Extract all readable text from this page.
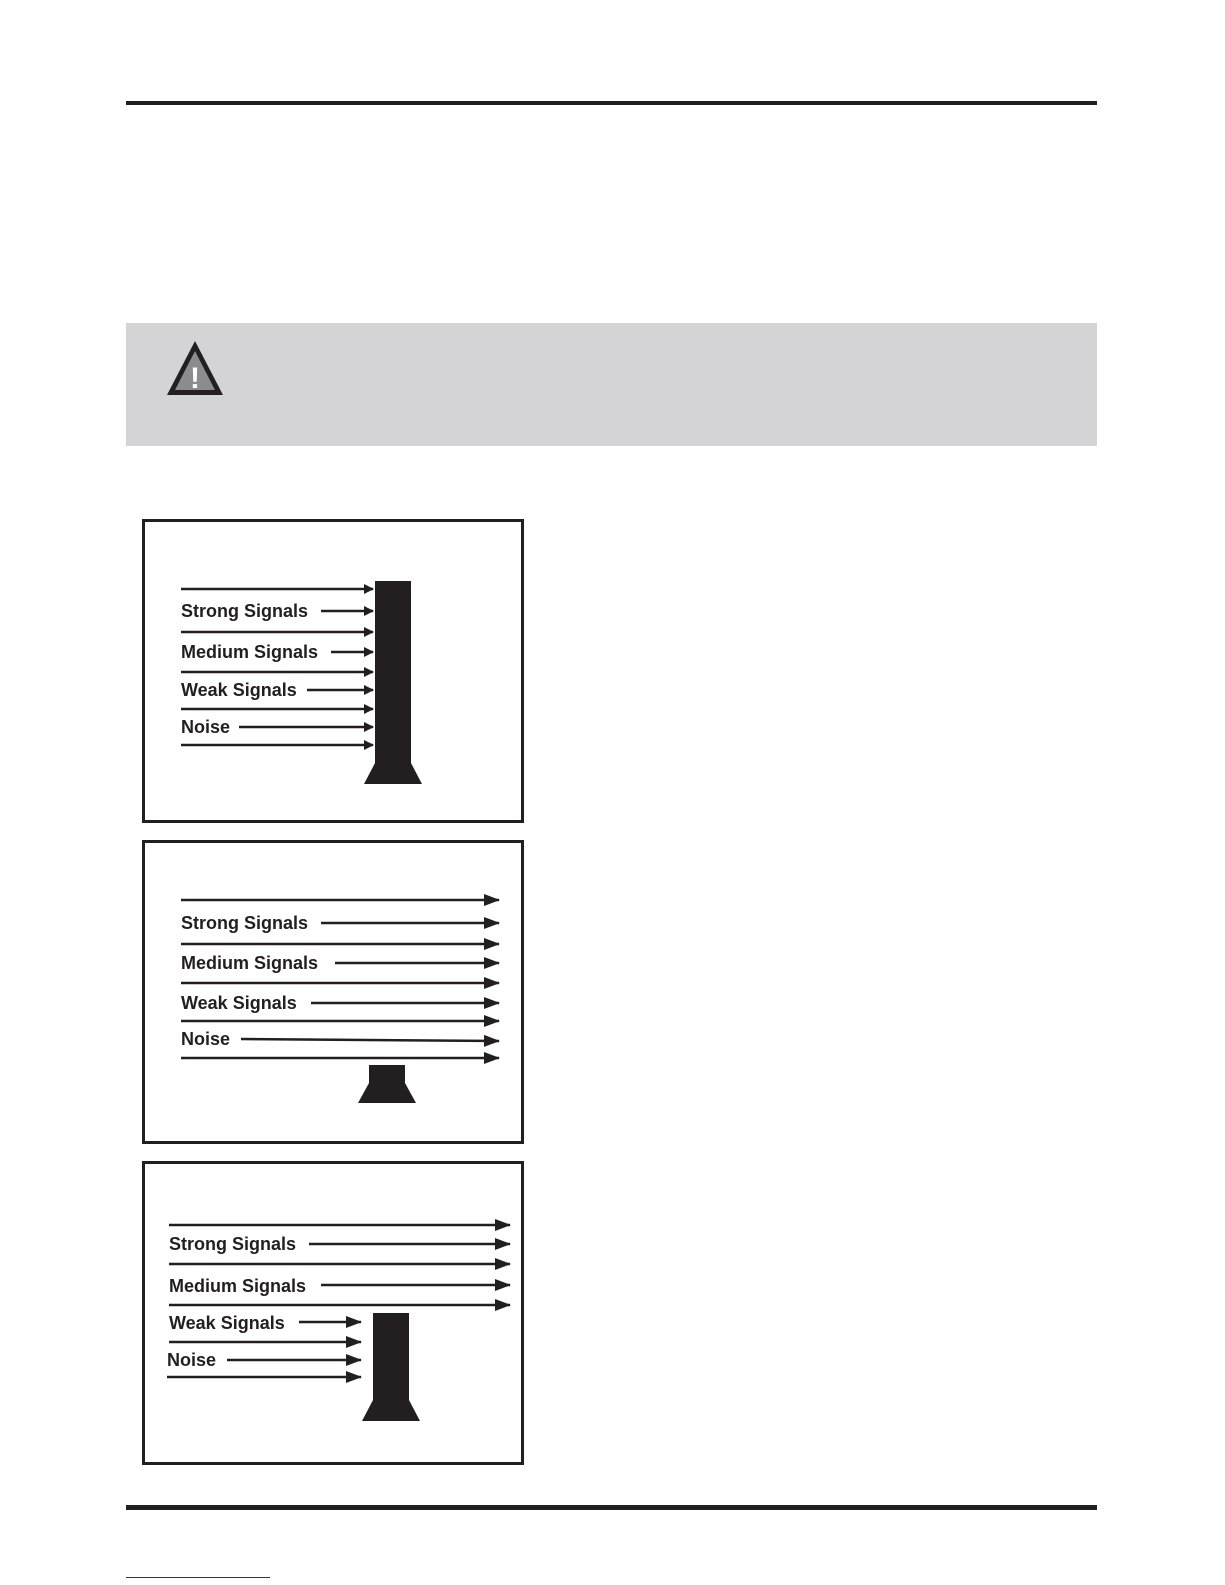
!
Strong Signals
Medium Signals
Weak Signals
Noise
Strong Signals
Medium Signals
Weak Signals
Noise
Strong Signals
Medium Signals
Weak Signals
Noise
